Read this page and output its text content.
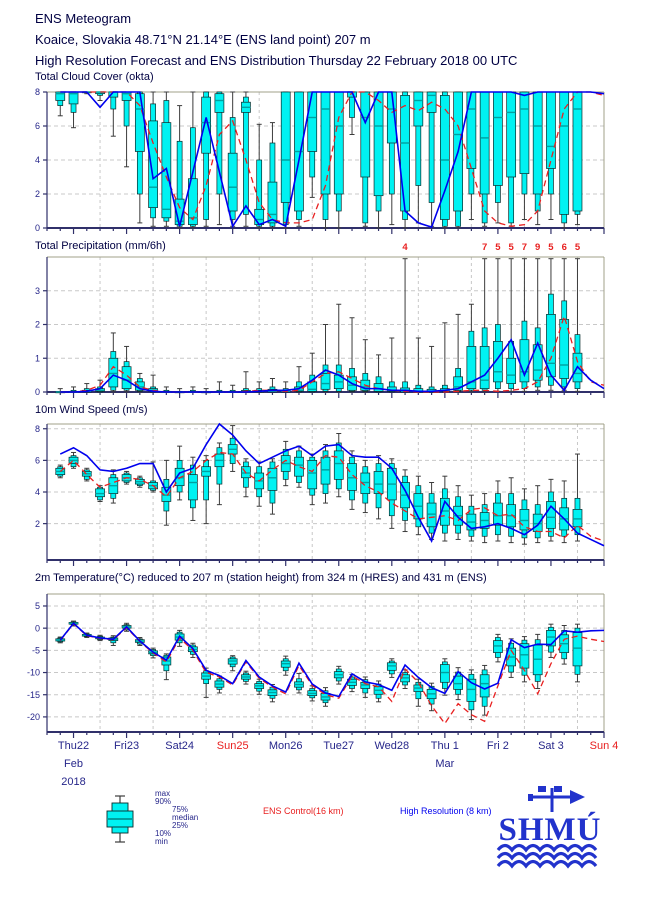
ENS Meteogram
Koaice, Slovakia 48.71°N 21.14°E (ENS land point) 207 m
High Resolution Forecast and ENS Distribution Thursday 22 February 2018 00 UTC
Total Cloud Cover (okta)
Total Precipitation (mm/6h)
10m Wind Speed (m/s)
2m Temperature(°C) reduced to 207 m (station height) from 324 m (HRES) and 431 m (ENS)
0
2
4
6
8
0
1
2
3
4	7 5 5 7 9 5 6 5
2
4
6
8
5
0
-5
-10
-15
-20
Thu22 Fri23 Sat24 Sun25 Mon26 Tue27 Wed28 Thu 1	Fri 2	Sat 3 Sun 4
Feb
2018
Mar
max
90%
75%
median
25%
10%
min
ENS Control(16 km)	High Resolution (8 km)
SHMÚ
